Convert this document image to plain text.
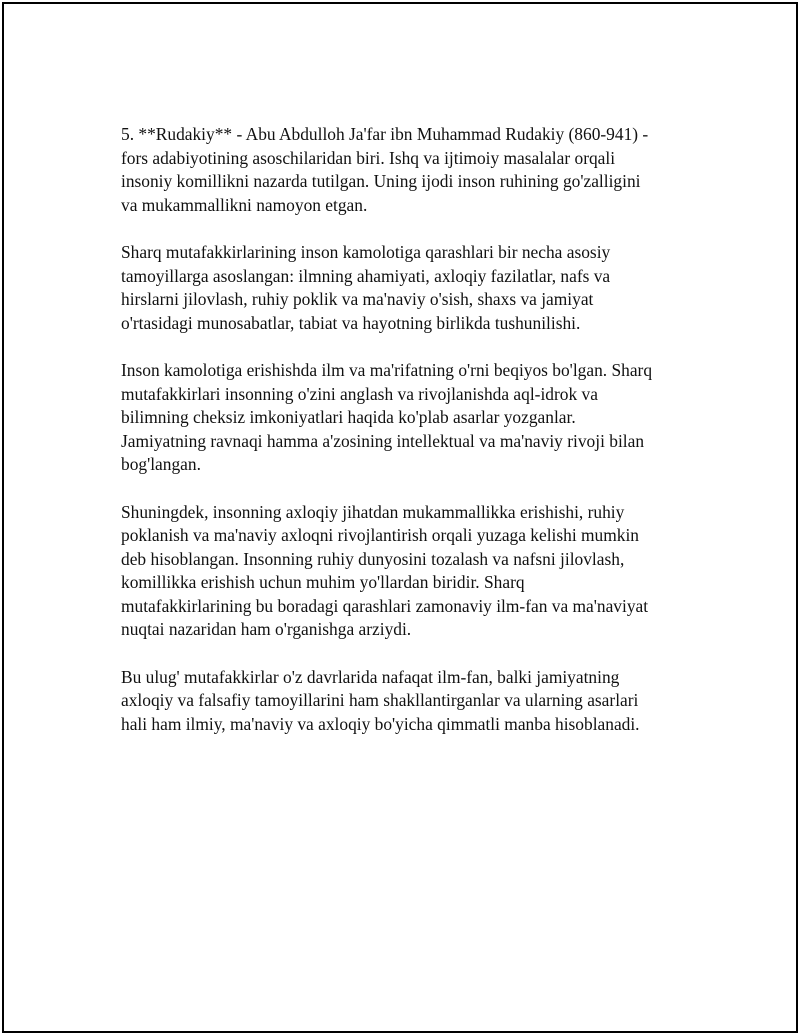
5. **Rudakiy** - Abu Abdulloh Ja'far ibn Muhammad Rudakiy (860-941) -
fors adabiyotining asoschilaridan biri. Ishq va ijtimoiy masalalar orqali
insoniy komillikni nazarda tutilgan. Uning ijodi inson ruhining go'zalligini
va mukammallikni namoyon etgan.

Sharq mutafakkirlarining inson kamolotiga qarashlari bir necha asosiy
tamoyillarga asoslangan: ilmning ahamiyati, axloqiy fazilatlar, nafs va
hirslarni jilovlash, ruhiy poklik va ma'naviy o'sish, shaxs va jamiyat
o'rtasidagi munosabatlar, tabiat va hayotning birlikda tushunilishi.

Inson kamolotiga erishishda ilm va ma'rifatning o'rni beqiyos bo'lgan. Sharq
mutafakkirlari insonning o'zini anglash va rivojlanishda aql-idrok va
bilimning cheksiz imkoniyatlari haqida ko'plab asarlar yozganlar.
Jamiyatning ravnaqi hamma a'zosining intellektual va ma'naviy rivoji bilan
bog'langan.

Shuningdek, insonning axloqiy jihatdan mukammallikka erishishi, ruhiy
poklanish va ma'naviy axloqni rivojlantirish orqali yuzaga kelishi mumkin
deb hisoblangan. Insonning ruhiy dunyosini tozalash va nafsni jilovlash,
komillikka erishish uchun muhim yo'llardan biridir. Sharq
mutafakkirlarining bu boradagi qarashlari zamonaviy ilm-fan va ma'naviyat
nuqtai nazaridan ham o'rganishga arziydi.

Bu ulug' mutafakkirlar o'z davrlarida nafaqat ilm-fan, balki jamiyatning
axloqiy va falsafiy tamoyillarini ham shakllantirganlar va ularning asarlari
hali ham ilmiy, ma'naviy va axloqiy bo'yicha qimmatli manba hisoblanadi.
